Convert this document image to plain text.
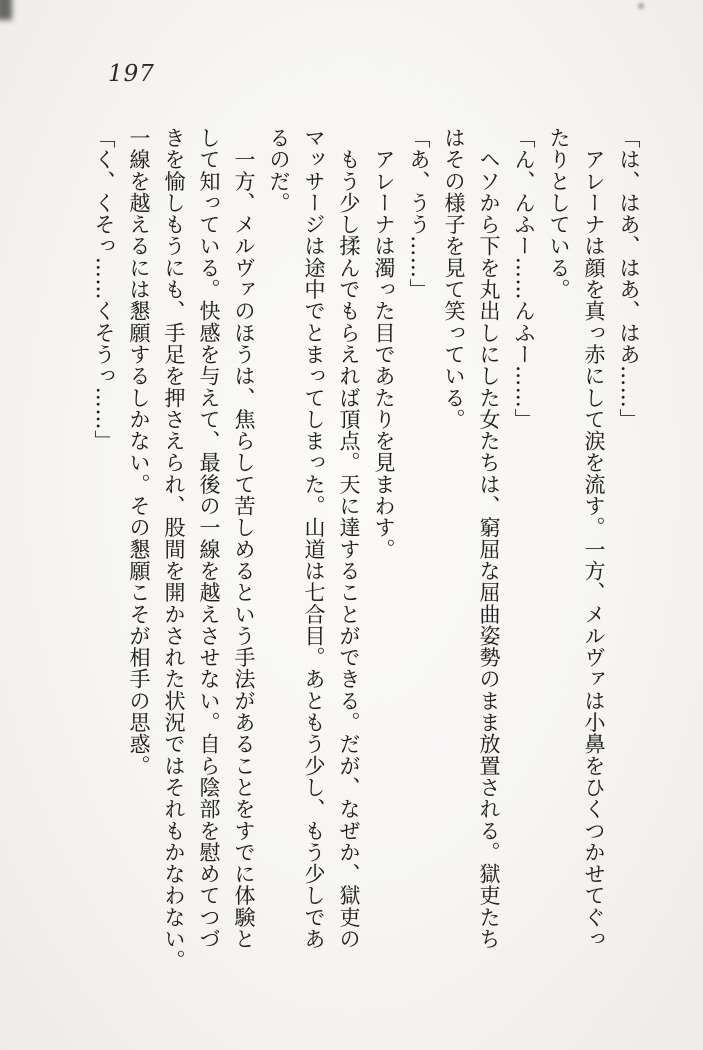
197
「は、はあ、はあ、はあ……」
　アレーナは顔を真っ赤にして涙を流す。一方、メルヴァは小鼻をひくつかせてぐっ
たりとしている。
「ん、んふー……んふー……」
　ヘソから下を丸出しにした女たちは、窮屈な屈曲姿勢のまま放置される。獄吏たち
はその様子を見て笑っている。
「あ、うう……」
　アレーナは濁った目であたりを見まわす。
　もう少し揉んでもらえれば頂点。天に達することができる。だが、なぜか、獄吏の
マッサージは途中でとまってしまった。山道は七合目。あともう少し、もう少しであ
るのだ。
　一方、メルヴァのほうは、焦らして苦しめるという手法があることをすでに体験と
して知っている。快感を与えて、最後の一線を越えさせない。自ら陰部を慰めてつづ
きを愉しもうにも、手足を押さえられ、股間を開かされた状況ではそれもかなわない。
一線を越えるには懇願するしかない。その懇願こそが相手の思惑。
「く、くそっ……くそうっ……」
